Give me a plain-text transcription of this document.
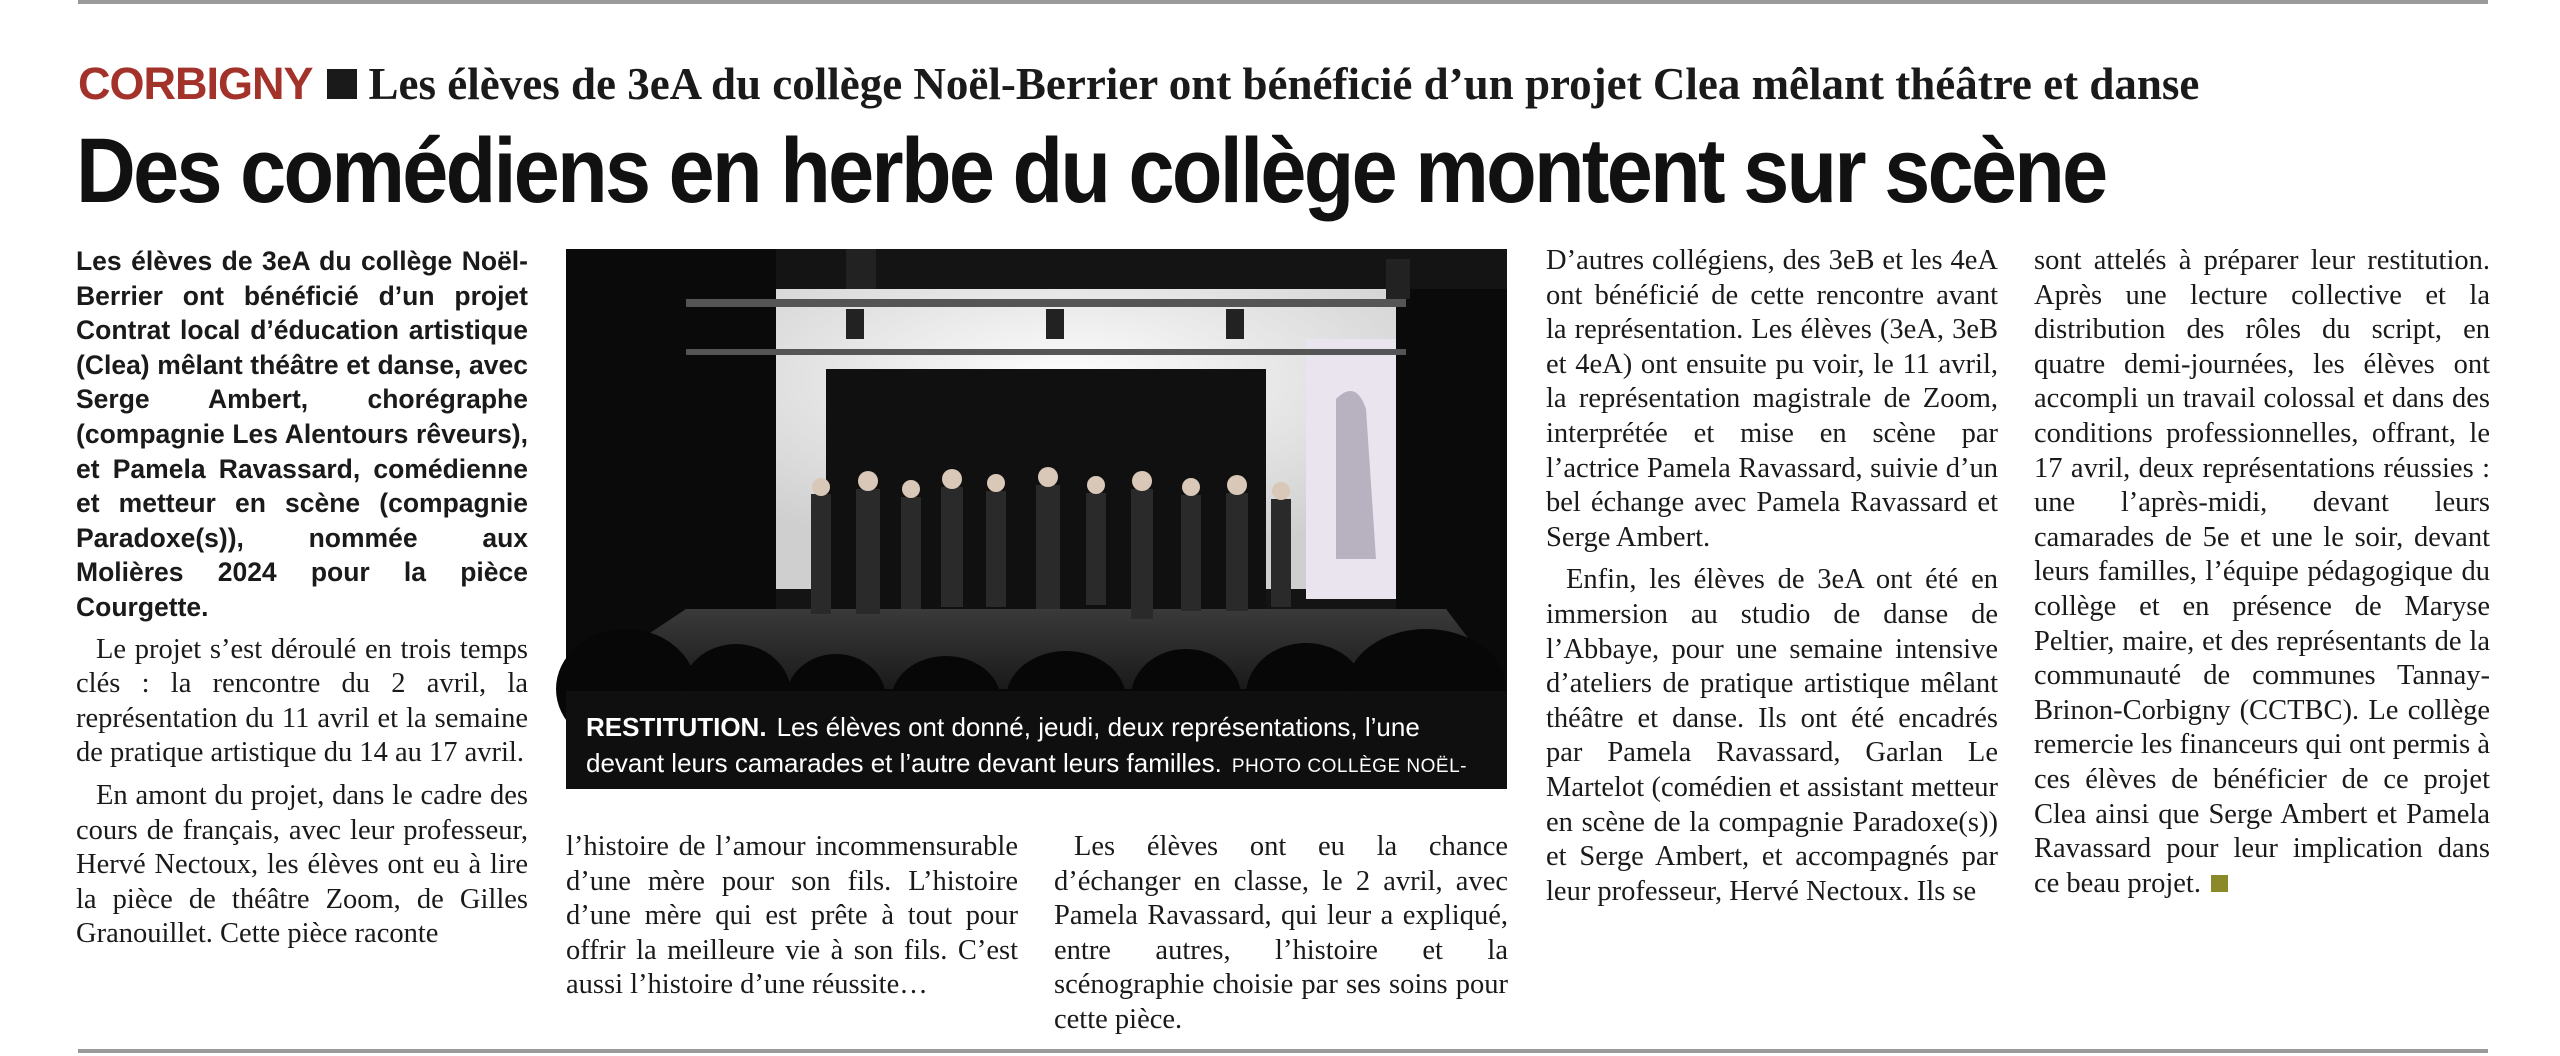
CORBIGNY Les élèves de 3eA du collège Noël-Berrier ont bénéficié d’un projet Clea mêlant théâtre et danse
Des comédiens en herbe du collège montent sur scène

Les élèves de 3eA du collège Noël-Berrier ont bénéficié d’un projet Contrat local d’éducation artistique (Clea) mêlant théâtre et danse, avec Serge Ambert, chorégraphe (compagnie Les Alentours rêveurs), et Pamela Ravassard, comédienne et metteur en scène (compagnie Paradoxe(s)), nommée aux Molières 2024 pour la pièce Courgette.

Le projet s’est déroulé en trois temps clés : la rencontre du 2 avril, la représentation du 11 avril et la semaine de pratique artistique du 14 au 17 avril.

En amont du projet, dans le cadre des cours de français, avec leur professeur, Hervé Nectoux, les élèves ont eu à lire la pièce de théâtre Zoom, de Gilles Granouillet. Cette pièce raconte

RESTITUTION. Les élèves ont donné, jeudi, deux représentations, l’une devant leurs camarades et l’autre devant leurs familles. PHOTO COLLÈGE NOËL-BERRIER

l’histoire de l’amour incommensurable d’une mère pour son fils. L’histoire d’une mère qui est prête à tout pour offrir la meilleure vie à son fils. C’est aussi l’histoire d’une réussite…

Les élèves ont eu la chance d’échanger en classe, le 2 avril, avec Pamela Ravassard, qui leur a expliqué, entre autres, l’histoire et la scénographie choisie par ses soins pour cette pièce.

D’autres collégiens, des 3eB et les 4eA ont bénéficié de cette rencontre avant la représentation. Les élèves (3eA, 3eB et 4eA) ont ensuite pu voir, le 11 avril, la représentation magistrale de Zoom, interprétée et mise en scène par l’actrice Pamela Ravassard, suivie d’un bel échange avec Pamela Ravassard et Serge Ambert.

Enfin, les élèves de 3eA ont été en immersion au studio de danse de l’Abbaye, pour une semaine intensive d’ateliers de pratique artistique mêlant théâtre et danse. Ils ont été encadrés par Pamela Ravassard, Garlan Le Martelot (comédien et assistant metteur en scène de la compagnie Paradoxe(s)) et Serge Ambert, et accompagnés par leur professeur, Hervé Nectoux. Ils se

sont attelés à préparer leur restitution. Après une lecture collective et la distribution des rôles du script, en quatre demi-journées, les élèves ont accompli un travail colossal et dans des conditions professionnelles, offrant, le 17 avril, deux représentations réussies : une l’après-midi, devant leurs camarades de 5e et une le soir, devant leurs familles, l’équipe pédagogique du collège et en présence de Maryse Peltier, maire, et des représentants de la communauté de communes Tannay-Brinon-Corbigny (CCTBC). Le collège remercie les financeurs qui ont permis à ces élèves de bénéficier de ce projet Clea ainsi que Serge Ambert et Pamela Ravassard pour leur implication dans ce beau projet.
